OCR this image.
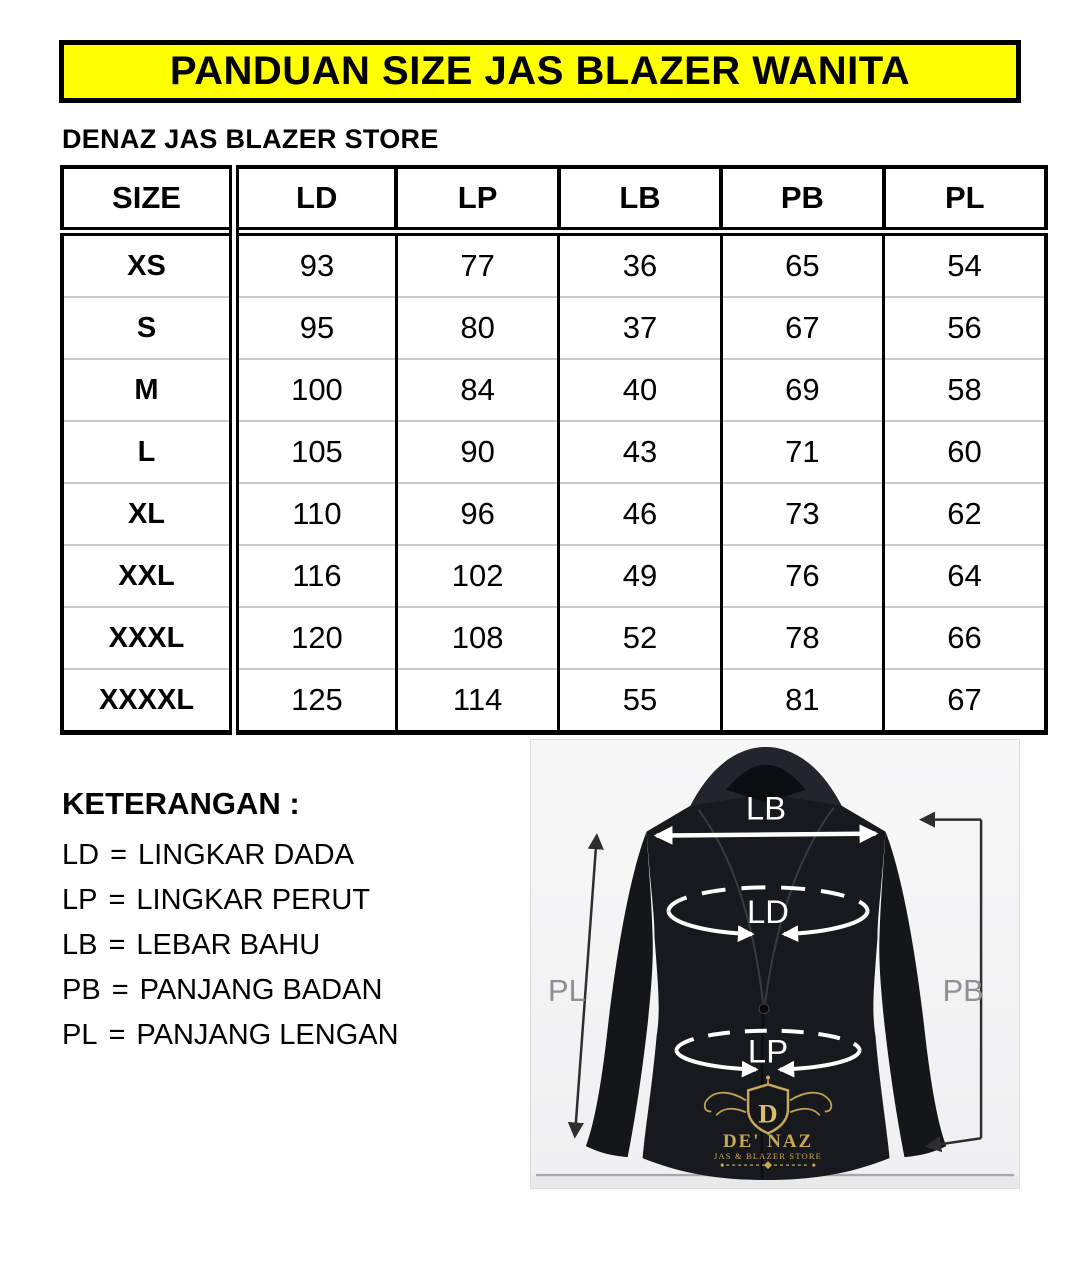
PANDUAN SIZE JAS BLAZER WANITA
DENAZ JAS BLAZER STORE
SIZE	LD	LP	LB	PB	PL
XS	93	77	36	65	54
S	95	80	37	67	56
M	100	84	40	69	58
L	105	90	43	71	60
XL	110	96	46	73	62
XXL	116	102	49	76	64
XXXL	120	108	52	78	66
XXXXL	125	114	55	81	67
KETERANGAN :
LD = LINGKAR DADA
LP = LINGKAR PERUT
LB = LEBAR BAHU
PB = PANJANG BADAN
PL = PANJANG LENGAN
LB
LD
LP
PL	PB
D
DE' NAZ
JAS & BLAZER STORE
